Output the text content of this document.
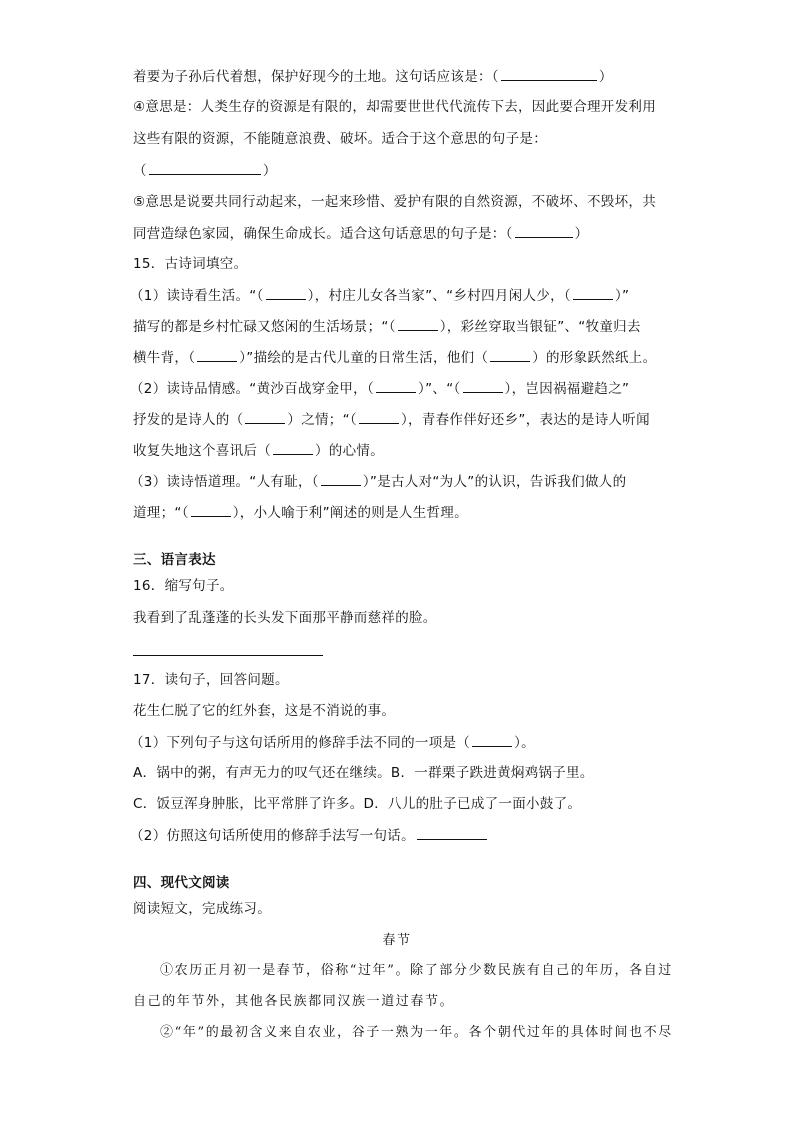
着要为子孙后代着想，保护好现今的土地。这句话应该是：（	）
④意思是：人类生存的资源是有限的，却需要世世代代流传下去，因此要合理开发利用
这些有限的资源，不能随意浪费、破坏。适合于这个意思的句子是：
（	）
⑤意思是说要共同行动起来，一起来珍惜、爱护有限的自然资源，不破坏、不毁坏，共
同营造绿色家园，确保生命成长。适合这句话意思的句子是：（	）
15．古诗词填空。
（1）读诗看生活。“（	），村庄儿女各当家”、“乡村四月闲人少，（	）”
描写的都是乡村忙碌又悠闲的生活场景；“（	），彩丝穿取当银钲”、“牧童归去
横牛背，（	）”描绘的是古代儿童的日常生活，他们（	）的形象跃然纸上。
（2）读诗品情感。“黄沙百战穿金甲，（	）”、“（	），岂因祸福避趋之”
抒发的是诗人的（	）之情；“（	），青春作伴好还乡”，表达的是诗人听闻
收复失地这个喜讯后（	）的心情。
（3）读诗悟道理。“人有耻，（	）”是古人对“为人”的认识，告诉我们做人的
道理；“（	），小人喻于利”阐述的则是人生哲理。
三、语言表达
16．缩写句子。
我看到了乱蓬蓬的长头发下面那平静而慈祥的脸。
17．读句子，回答问题。
花生仁脱了它的红外套，这是不消说的事。
（1）下列句子与这句话所用的修辞手法不同的一项是（	）。
A．锅中的粥，有声无力的叹气还在继续。B．一群栗子跌进黄焖鸡锅子里。
C．饭豆浑身肿胀，比平常胖了许多。D．八儿的肚子已成了一面小鼓了。
（2）仿照这句话所使用的修辞手法写一句话。
四、现代文阅读
阅读短文，完成练习。
春节
①农历正月初一是春节，俗称“过年”。除了部分少数民族有自己的年历，各自过
自己的年节外，其他各民族都同汉族一道过春节。
②“年”的最初含义来自农业，谷子一熟为一年。各个朝代过年的具体时间也不尽
